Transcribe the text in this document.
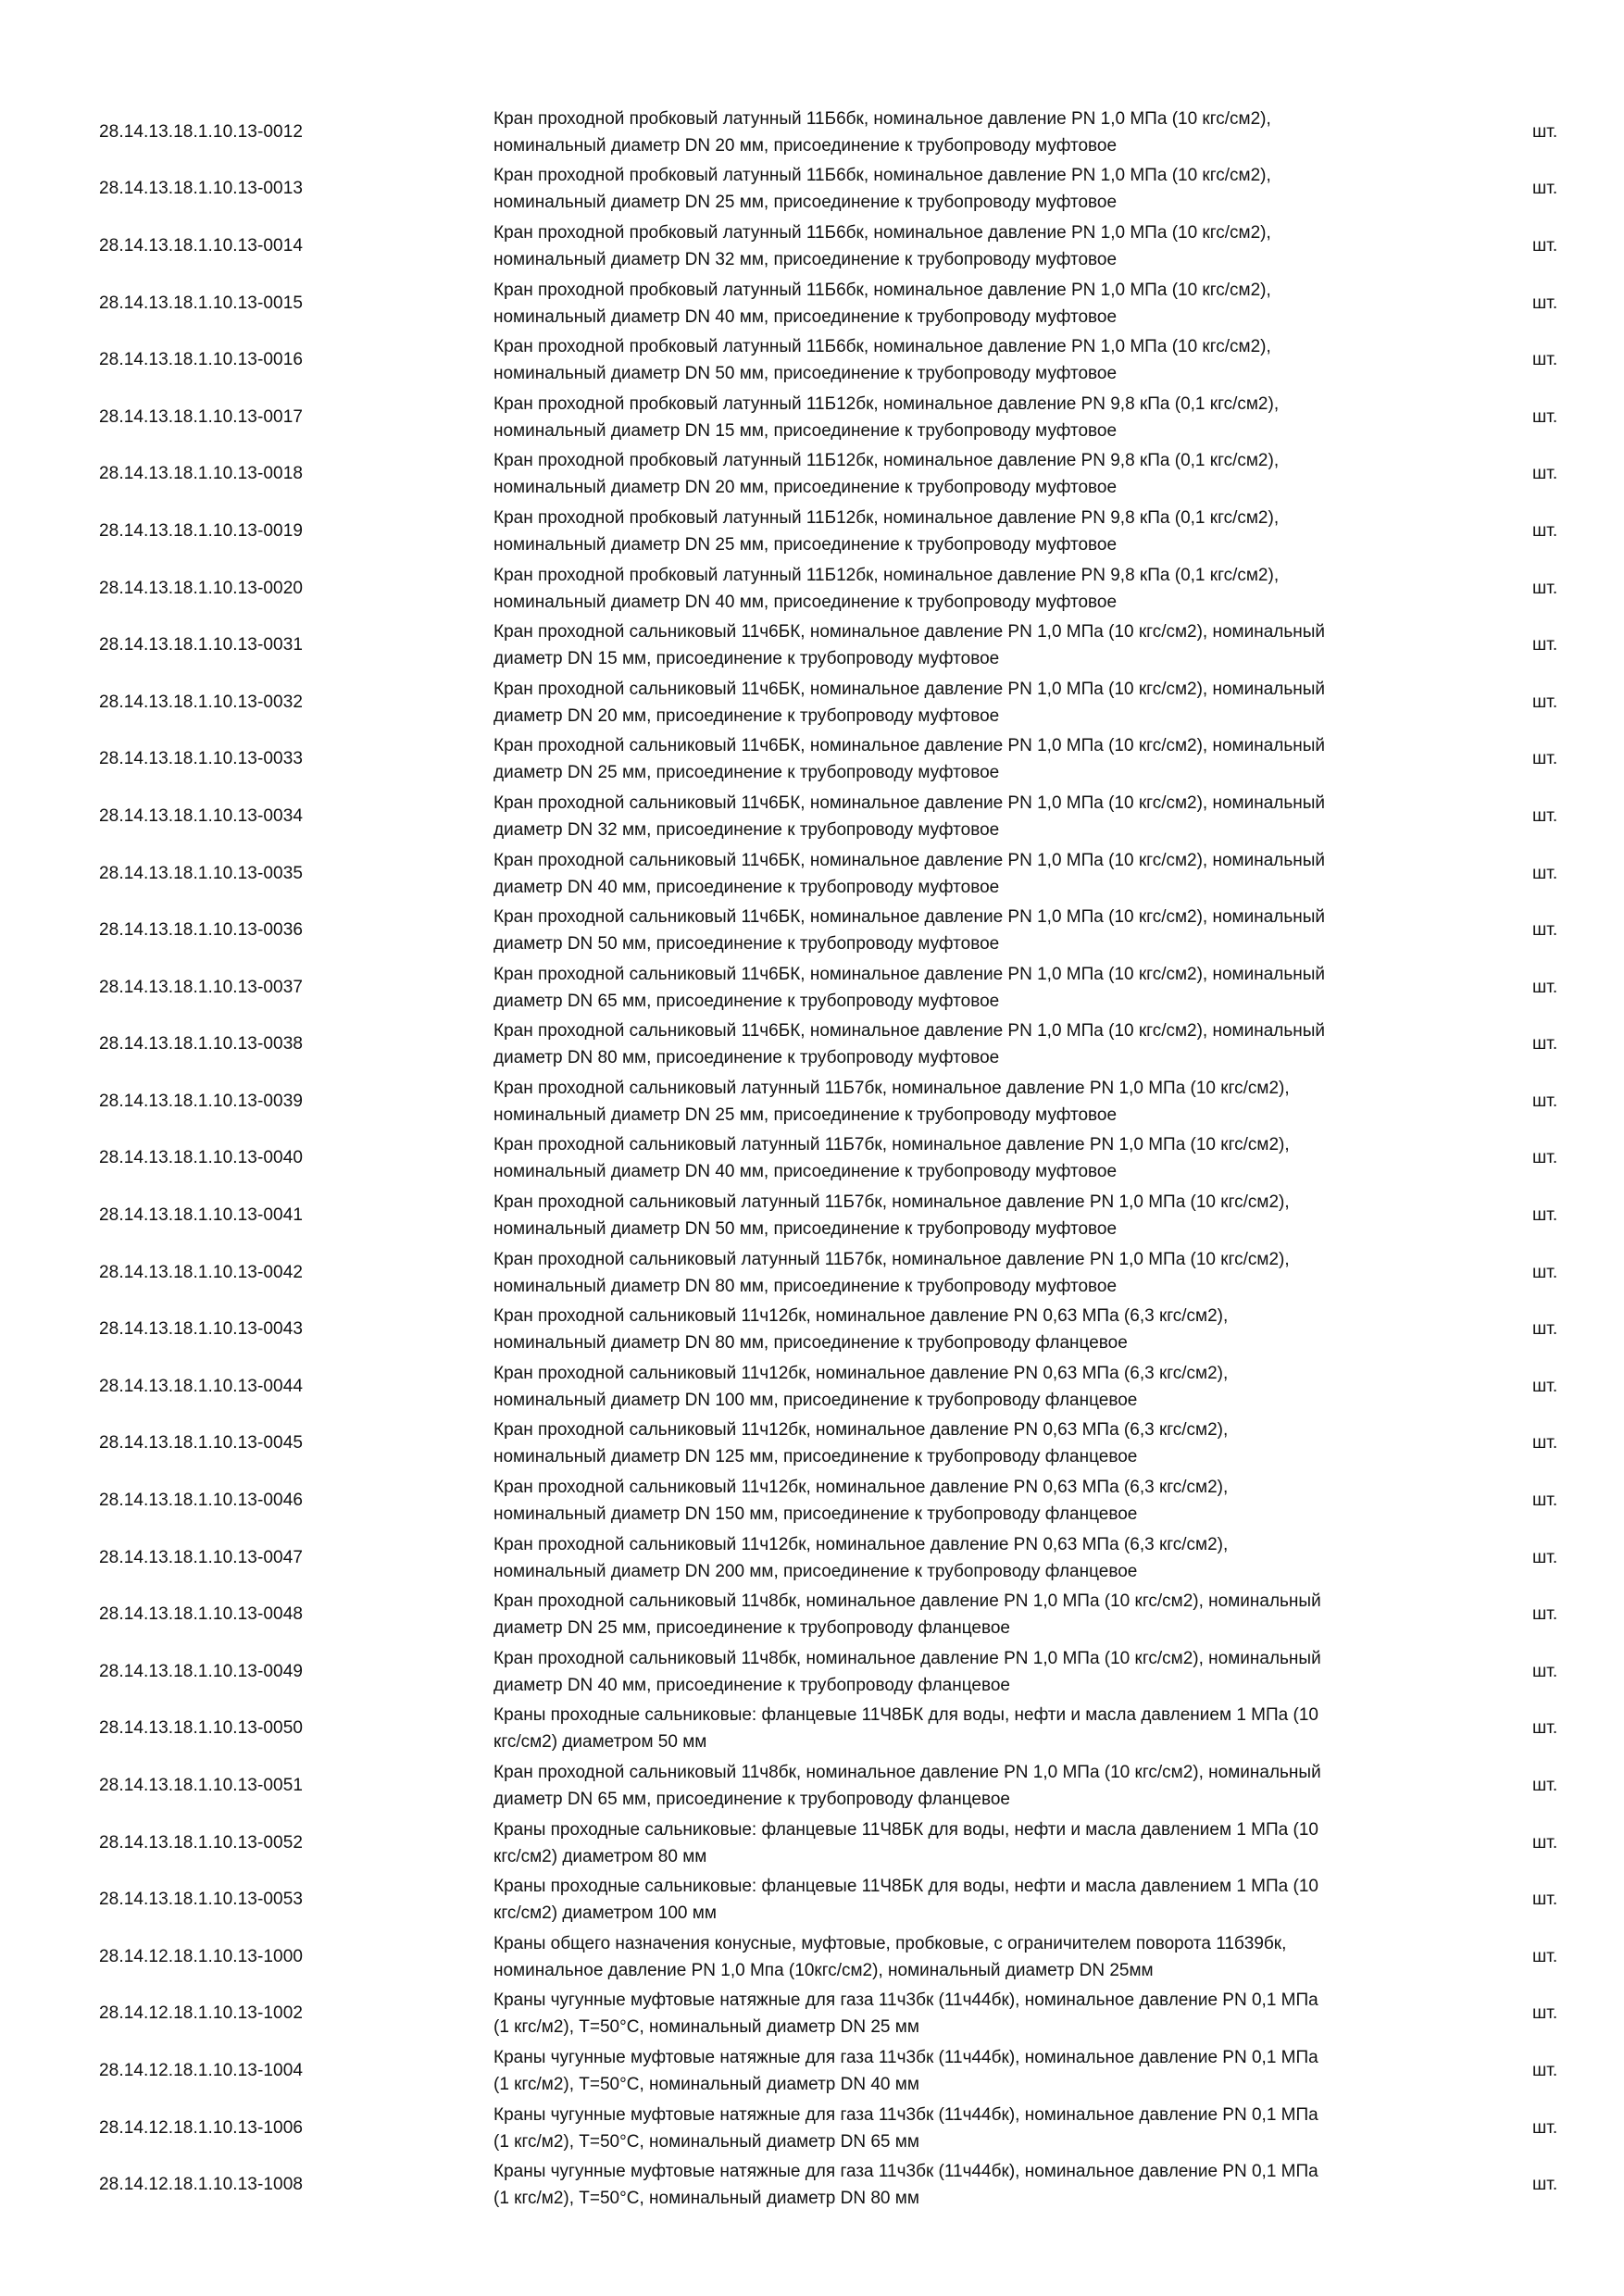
28.14.13.18.1.10.13-0012
Кран проходной пробковый латунный 11Б6бк, номинальное давление PN 1,0 МПа (10 кгс/см2),
номинальный диаметр DN 20 мм, присоединение к трубопроводу муфтовое
шт.
28.14.13.18.1.10.13-0013
Кран проходной пробковый латунный 11Б6бк, номинальное давление PN 1,0 МПа (10 кгс/см2),
номинальный диаметр DN 25 мм, присоединение к трубопроводу муфтовое
шт.
28.14.13.18.1.10.13-0014
Кран проходной пробковый латунный 11Б6бк, номинальное давление PN 1,0 МПа (10 кгс/см2),
номинальный диаметр DN 32 мм, присоединение к трубопроводу муфтовое
шт.
28.14.13.18.1.10.13-0015
Кран проходной пробковый латунный 11Б6бк, номинальное давление PN 1,0 МПа (10 кгс/см2),
номинальный диаметр DN 40 мм, присоединение к трубопроводу муфтовое
шт.
28.14.13.18.1.10.13-0016
Кран проходной пробковый латунный 11Б6бк, номинальное давление PN 1,0 МПа (10 кгс/см2),
номинальный диаметр DN 50 мм, присоединение к трубопроводу муфтовое
шт.
28.14.13.18.1.10.13-0017
Кран проходной пробковый латунный 11Б12бк, номинальное давление PN 9,8 кПа (0,1 кгс/см2),
номинальный диаметр DN 15 мм, присоединение к трубопроводу муфтовое
шт.
28.14.13.18.1.10.13-0018
Кран проходной пробковый латунный 11Б12бк, номинальное давление PN 9,8 кПа (0,1 кгс/см2),
номинальный диаметр DN 20 мм, присоединение к трубопроводу муфтовое
шт.
28.14.13.18.1.10.13-0019
Кран проходной пробковый латунный 11Б12бк, номинальное давление PN 9,8 кПа (0,1 кгс/см2),
номинальный диаметр DN 25 мм, присоединение к трубопроводу муфтовое
шт.
28.14.13.18.1.10.13-0020
Кран проходной пробковый латунный 11Б12бк, номинальное давление PN 9,8 кПа (0,1 кгс/см2),
номинальный диаметр DN 40 мм, присоединение к трубопроводу муфтовое
шт.
28.14.13.18.1.10.13-0031
Кран проходной сальниковый 11ч6БК, номинальное давление PN 1,0 МПа (10 кгс/см2), номинальный
диаметр DN 15 мм, присоединение к трубопроводу муфтовое
шт.
28.14.13.18.1.10.13-0032
Кран проходной сальниковый 11ч6БК, номинальное давление PN 1,0 МПа (10 кгс/см2), номинальный
диаметр DN 20 мм, присоединение к трубопроводу муфтовое
шт.
28.14.13.18.1.10.13-0033
Кран проходной сальниковый 11ч6БК, номинальное давление PN 1,0 МПа (10 кгс/см2), номинальный
диаметр DN 25 мм, присоединение к трубопроводу муфтовое
шт.
28.14.13.18.1.10.13-0034
Кран проходной сальниковый 11ч6БК, номинальное давление PN 1,0 МПа (10 кгс/см2), номинальный
диаметр DN 32 мм, присоединение к трубопроводу муфтовое
шт.
28.14.13.18.1.10.13-0035
Кран проходной сальниковый 11ч6БК, номинальное давление PN 1,0 МПа (10 кгс/см2), номинальный
диаметр DN 40 мм, присоединение к трубопроводу муфтовое
шт.
28.14.13.18.1.10.13-0036
Кран проходной сальниковый 11ч6БК, номинальное давление PN 1,0 МПа (10 кгс/см2), номинальный
диаметр DN 50 мм, присоединение к трубопроводу муфтовое
шт.
28.14.13.18.1.10.13-0037
Кран проходной сальниковый 11ч6БК, номинальное давление PN 1,0 МПа (10 кгс/см2), номинальный
диаметр DN 65 мм, присоединение к трубопроводу муфтовое
шт.
28.14.13.18.1.10.13-0038
Кран проходной сальниковый 11ч6БК, номинальное давление PN 1,0 МПа (10 кгс/см2), номинальный
диаметр DN 80 мм, присоединение к трубопроводу муфтовое
шт.
28.14.13.18.1.10.13-0039
Кран проходной сальниковый латунный 11Б7бк, номинальное давление PN 1,0 МПа (10 кгс/см2),
номинальный диаметр DN 25 мм, присоединение к трубопроводу муфтовое
шт.
28.14.13.18.1.10.13-0040
Кран проходной сальниковый латунный 11Б7бк, номинальное давление PN 1,0 МПа (10 кгс/см2),
номинальный диаметр DN 40 мм, присоединение к трубопроводу муфтовое
шт.
28.14.13.18.1.10.13-0041
Кран проходной сальниковый латунный 11Б7бк, номинальное давление PN 1,0 МПа (10 кгс/см2),
номинальный диаметр DN 50 мм, присоединение к трубопроводу муфтовое
шт.
28.14.13.18.1.10.13-0042
Кран проходной сальниковый латунный 11Б7бк, номинальное давление PN 1,0 МПа (10 кгс/см2),
номинальный диаметр DN 80 мм, присоединение к трубопроводу муфтовое
шт.
28.14.13.18.1.10.13-0043
Кран проходной сальниковый 11ч12бк, номинальное давление PN 0,63 МПа (6,3 кгс/см2),
номинальный диаметр DN 80 мм, присоединение к трубопроводу фланцевое
шт.
28.14.13.18.1.10.13-0044
Кран проходной сальниковый 11ч12бк, номинальное давление PN 0,63 МПа (6,3 кгс/см2),
номинальный диаметр DN 100 мм, присоединение к трубопроводу фланцевое
шт.
28.14.13.18.1.10.13-0045
Кран проходной сальниковый 11ч12бк, номинальное давление PN 0,63 МПа (6,3 кгс/см2),
номинальный диаметр DN 125 мм, присоединение к трубопроводу фланцевое
шт.
28.14.13.18.1.10.13-0046
Кран проходной сальниковый 11ч12бк, номинальное давление PN 0,63 МПа (6,3 кгс/см2),
номинальный диаметр DN 150 мм, присоединение к трубопроводу фланцевое
шт.
28.14.13.18.1.10.13-0047
Кран проходной сальниковый 11ч12бк, номинальное давление PN 0,63 МПа (6,3 кгс/см2),
номинальный диаметр DN 200 мм, присоединение к трубопроводу фланцевое
шт.
28.14.13.18.1.10.13-0048
Кран проходной сальниковый 11ч8бк, номинальное давление PN 1,0 МПа (10 кгс/см2), номинальный
диаметр DN 25 мм, присоединение к трубопроводу фланцевое
шт.
28.14.13.18.1.10.13-0049
Кран проходной сальниковый 11ч8бк, номинальное давление PN 1,0 МПа (10 кгс/см2), номинальный
диаметр DN 40 мм, присоединение к трубопроводу фланцевое
шт.
28.14.13.18.1.10.13-0050
Краны проходные сальниковые: фланцевые 11Ч8БК для воды, нефти и масла давлением 1 МПа (10
кгс/см2) диаметром 50 мм
шт.
28.14.13.18.1.10.13-0051
Кран проходной сальниковый 11ч8бк, номинальное давление PN 1,0 МПа (10 кгс/см2), номинальный
диаметр DN 65 мм, присоединение к трубопроводу фланцевое
шт.
28.14.13.18.1.10.13-0052
Краны проходные сальниковые: фланцевые 11Ч8БК для воды, нефти и масла давлением 1 МПа (10
кгс/см2) диаметром 80 мм
шт.
28.14.13.18.1.10.13-0053
Краны проходные сальниковые: фланцевые 11Ч8БК для воды, нефти и масла давлением 1 МПа (10
кгс/см2) диаметром 100 мм
шт.
28.14.12.18.1.10.13-1000
Краны общего назначения конусные, муфтовые, пробковые, с ограничителем поворота 11б39бк,
номинальное давление PN 1,0 Мпа (10кгс/см2), номинальный диаметр DN 25мм
шт.
28.14.12.18.1.10.13-1002
Краны чугунные муфтовые натяжные для газа 11ч3бк (11ч44бк), номинальное давление PN 0,1 МПа
(1 кгс/м2), Т=50°С, номинальный диаметр DN 25 мм
шт.
28.14.12.18.1.10.13-1004
Краны чугунные муфтовые натяжные для газа 11ч3бк (11ч44бк), номинальное давление PN 0,1 МПа
(1 кгс/м2), Т=50°С, номинальный диаметр DN 40 мм
шт.
28.14.12.18.1.10.13-1006
Краны чугунные муфтовые натяжные для газа 11ч3бк (11ч44бк), номинальное давление PN 0,1 МПа
(1 кгс/м2), Т=50°С, номинальный диаметр DN 65 мм
шт.
28.14.12.18.1.10.13-1008
Краны чугунные муфтовые натяжные для газа 11ч3бк (11ч44бк), номинальное давление PN 0,1 МПа
(1 кгс/м2), Т=50°С, номинальный диаметр DN 80 мм
шт.
